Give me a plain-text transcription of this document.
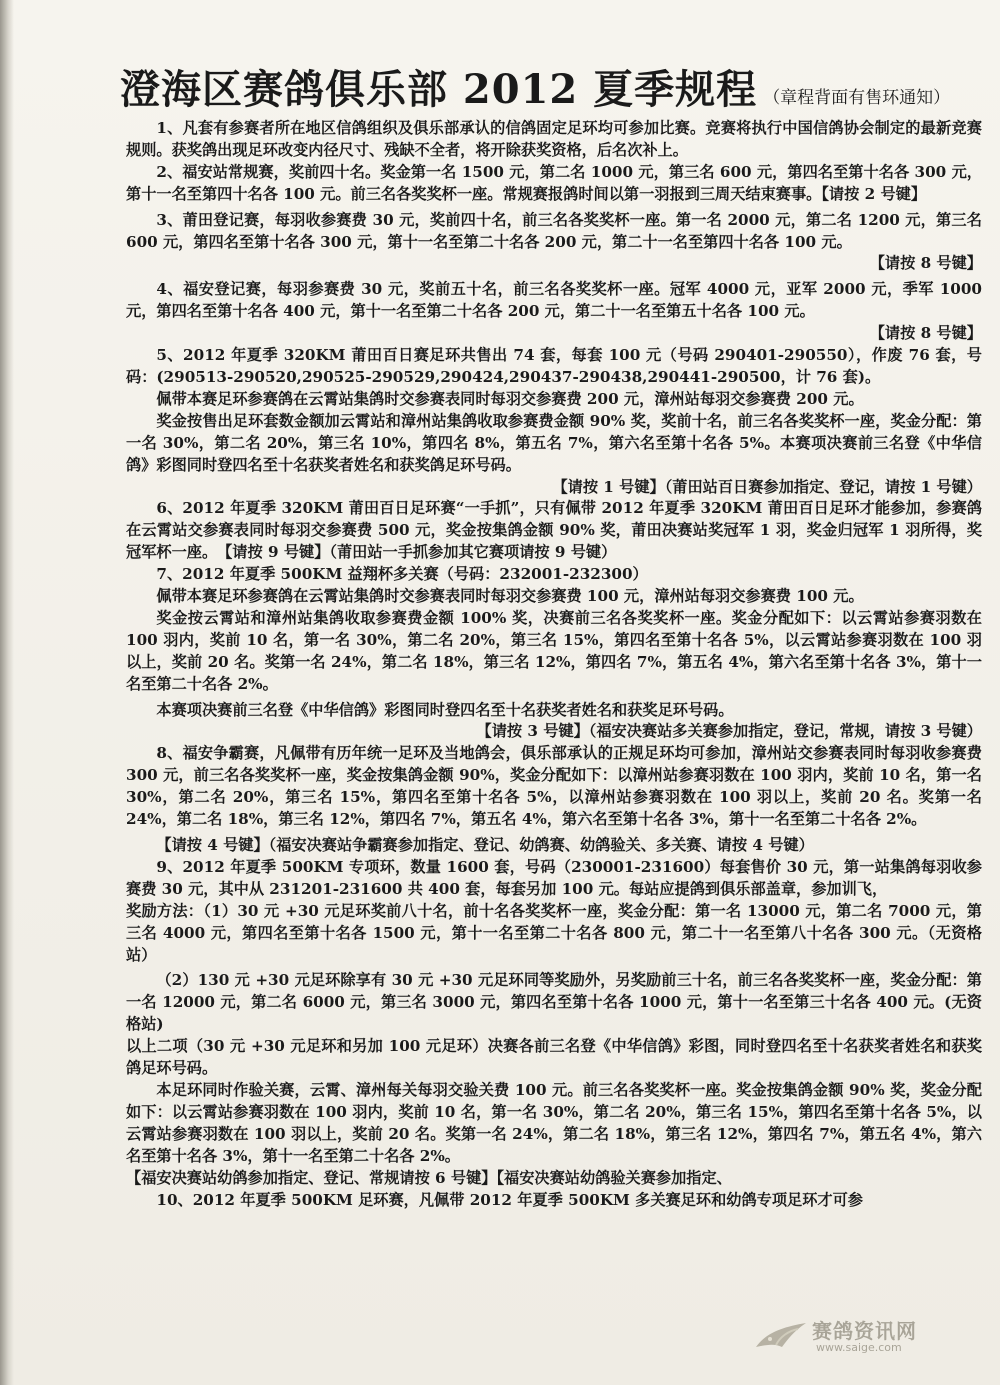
澄海区赛鸽俱乐部 2012 夏季规程 （章程背面有售环通知）

1、凡套有参赛者所在地区信鸽组织及俱乐部承认的信鸽固定足环均可参加比赛。竞赛将执行中国信鸽协会制定的最新竞赛规则。获奖鸽出现足环改变内径尺寸、残缺不全者，将开除获奖资格，后名次补上。

2、福安站常规赛，奖前四十名。奖金第一名 1500 元，第二名 1000 元，第三名 600 元，第四名至第十名各 300 元，第十一名至第四十名各 100 元。前三名各奖奖杯一座。常规赛报鸽时间以第一羽报到三周天结束赛事。【请按 2 号键】

3、莆田登记赛，每羽收参赛费 30 元，奖前四十名，前三名各奖奖杯一座。第一名 2000 元，第二名 1200 元，第三名 600 元，第四名至第十名各 300 元，第十一名至第二十名各 200 元，第二十一名至第四十名各 100 元。

【请按 8 号键】

4、福安登记赛，每羽参赛费 30 元，奖前五十名，前三名各奖奖杯一座。冠军 4000 元，亚军 2000 元，季军 1000 元，第四名至第十名各 400 元，第十一名至第二十名各 200 元，第二十一名至第五十名各 100 元。

【请按 8 号键】

5、2012 年夏季 320KM 莆田百日赛足环共售出 74 套，每套 100 元（号码 290401-290550），作废 76 套，号码：(290513-290520,290525-290529,290424,290437-290438,290441-290500，计 76 套)。

佩带本赛足环参赛鸽在云霄站集鸽时交参赛表同时每羽交参赛费 200 元，漳州站每羽交参赛费 200 元。

奖金按售出足环套数金额加云霄站和漳州站集鸽收取参赛费金额 90% 奖，奖前十名，前三名各奖奖杯一座，奖金分配：第一名 30%，第二名 20%，第三名 10%，第四名 8%，第五名 7%，第六名至第十名各 5%。本赛项决赛前三名登《中华信鸽》彩图同时登四名至十名获奖者姓名和获奖鸽足环号码。

【请按 1 号键】（莆田站百日赛参加指定、登记，请按 1 号键）

6、2012 年夏季 320KM 莆田百日足环赛“一手抓”，只有佩带 2012 年夏季 320KM 莆田百日足环才能参加，参赛鸽在云霄站交参赛表同时每羽交参赛费 500 元，奖金按集鸽金额 90% 奖，莆田决赛站奖冠军 1 羽，奖金归冠军 1 羽所得，奖冠军杯一座。　【请按 9 号键】（莆田站一手抓参加其它赛项请按 9 号键）

7、2012 年夏季 500KM 益翔杯多关赛（号码：232001-232300）

佩带本赛足环参赛鸽在云霄站集鸽时交参赛表同时每羽交参赛费 100 元，漳州站每羽交参赛费 100 元。

奖金按云霄站和漳州站集鸽收取参赛费金额 100% 奖，决赛前三名各奖奖杯一座。奖金分配如下：以云霄站参赛羽数在 100 羽内，奖前 10 名，第一名 30%，第二名 20%，第三名 15%，第四名至第十名各 5%，以云霄站参赛羽数在 100 羽以上，奖前 20 名。奖第一名 24%，第二名 18%，第三名 12%，第四名 7%，第五名 4%，第六名至第十名各 3%，第十一名至第二十名各 2%。

本赛项决赛前三名登《中华信鸽》彩图同时登四名至十名获奖者姓名和获奖足环号码。

【请按 3 号键】（福安决赛站多关赛参加指定，登记，常规，请按 3 号键）

8、福安争霸赛，凡佩带有历年统一足环及当地鸽会，俱乐部承认的正规足环均可参加，漳州站交参赛表同时每羽收参赛费 300 元，前三名各奖奖杯一座，奖金按集鸽金额 90%，奖金分配如下：以漳州站参赛羽数在 100 羽内，奖前 10 名，第一名 30%，第二名 20%，第三名 15%，第四名至第十名各 5%，以漳州站参赛羽数在 100 羽以上，奖前 20 名。奖第一名 24%，第二名 18%，第三名 12%，第四名 7%，第五名 4%，第六名至第十名各 3%，第十一名至第二十名各 2%。

【请按 4 号键】（福安决赛站争霸赛参加指定、登记、幼鸽赛、幼鸽验关、多关赛、请按 4 号键）

9、2012 年夏季 500KM 专项环，数量 1600 套，号码（230001-231600）每套售价 30 元，第一站集鸽每羽收参赛费 30 元，其中从 231201-231600 共 400 套，每套另加 100 元。每站应提鸽到俱乐部盖章，参加训飞，

奖励方法：（1）30 元 +30 元足环奖前八十名，前十名各奖奖杯一座，奖金分配：第一名 13000 元，第二名 7000 元，第三名 4000 元，第四名至第十名各 1500 元，第十一名至第二十名各 800 元，第二十一名至第八十名各 300 元。（无资格站）

（2）130 元 +30 元足环除享有 30 元 +30 元足环同等奖励外，另奖励前三十名，前三名各奖奖杯一座，奖金分配：第一名 12000 元，第二名 6000 元，第三名 3000 元，第四名至第十名各 1000 元，第十一名至第三十名各 400 元。(无资格站)

以上二项（30 元 +30 元足环和另加 100 元足环）决赛各前三名登《中华信鸽》彩图，同时登四名至十名获奖者姓名和获奖鸽足环号码。

本足环同时作验关赛，云霄、漳州每关每羽交验关费 100 元。前三名各奖奖杯一座。奖金按集鸽金额 90% 奖，奖金分配如下：以云霄站参赛羽数在 100 羽内，奖前 10 名，第一名 30%，第二名 20%，第三名 15%，第四名至第十名各 5%，以云霄站参赛羽数在 100 羽以上，奖前 20 名。奖第一名 24%，第二名 18%，第三名 12%，第四名 7%，第五名 4%，第六名至第十名各 3%，第十一名至第二十名各 2%。

【福安决赛站幼鸽参加指定、登记、常规请按 6 号键】【福安决赛站幼鸽验关赛参加指定、

10、2012 年夏季 500KM 足环赛，凡佩带 2012 年夏季 500KM 多关赛足环和幼鸽专项足环才可参

赛鸽资讯网
www.saige.com
